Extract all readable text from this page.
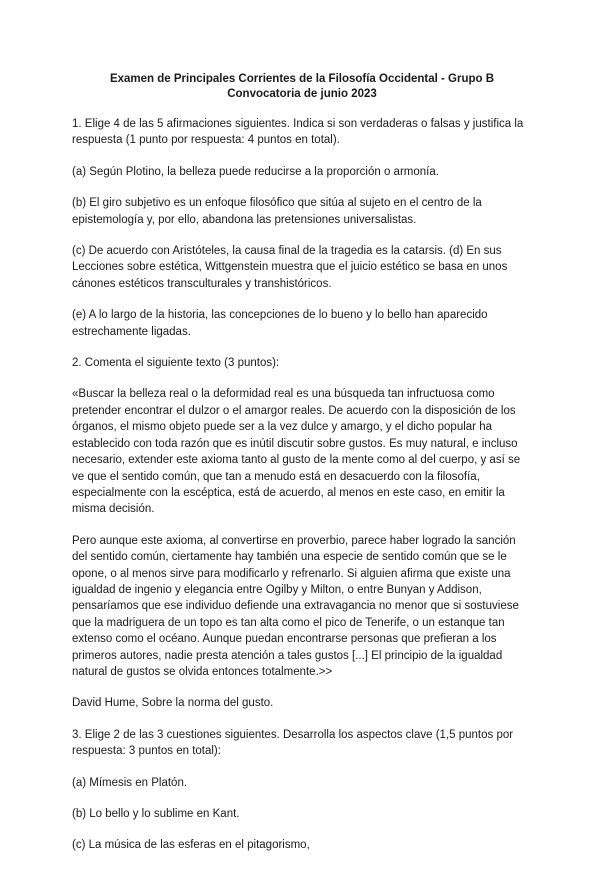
Examen de Principales Corrientes de la Filosofía Occidental - Grupo B
Convocatoria de junio 2023

1. Elige 4 de las 5 afirmaciones siguientes. Indica si son verdaderas o falsas y justifica la respuesta (1 punto por respuesta: 4 puntos en total).

(a) Según Plotino, la belleza puede reducirse a la proporción o armonía.

(b) El giro subjetivo es un enfoque filosófico que sitúa al sujeto en el centro de la epistemología y, por ello, abandona las pretensiones universalistas.

(c) De acuerdo con Aristóteles, la causa final de la tragedia es la catarsis. (d) En sus Lecciones sobre estética, Wittgenstein muestra que el juicio estético se basa en unos cánones estéticos transculturales y transhistóricos.

(e) A lo largo de la historia, las concepciones de lo bueno y lo bello han aparecido estrechamente ligadas.

2. Comenta el siguiente texto (3 puntos):

«Buscar la belleza real o la deformidad real es una búsqueda tan infructuosa como pretender encontrar el dulzor o el amargor reales. De acuerdo con la disposición de los órganos, el mismo objeto puede ser a la vez dulce y amargo, y el dicho popular ha establecido con toda razón que es inútil discutir sobre gustos. Es muy natural, e incluso necesario, extender este axioma tanto al gusto de la mente como al del cuerpo, y así se ve que el sentido común, que tan a menudo está en desacuerdo con la filosofía, especialmente con la escéptica, está de acuerdo, al menos en este caso, en emitir la misma decisión.

Pero aunque este axioma, al convertirse en proverbio, parece haber logrado la sanción del sentido común, ciertamente hay también una especie de sentido común que se le opone, o al menos sirve para modificarlo y refrenarlo. Si alguien afirma que existe una igualdad de ingenio y elegancia entre Ogilby y Milton, o entre Bunyan y Addison, pensaríamos que ese individuo defiende una extravagancia no menor que si sostuviese que la madriguera de un topo es tan alta como el pico de Tenerife, o un estanque tan extenso como el océano. Aunque puedan encontrarse personas que prefieran a los primeros autores, nadie presta atención a tales gustos [...] El principio de la igualdad natural de gustos se olvida entonces totalmente.>>

David Hume, Sobre la norma del gusto.

3. Elige 2 de las 3 cuestiones siguientes. Desarrolla los aspectos clave (1,5 puntos por respuesta: 3 puntos en total):

(a) Mímesis en Platón.

(b) Lo bello y lo sublime en Kant.

(c) La música de las esferas en el pitagorismo,
